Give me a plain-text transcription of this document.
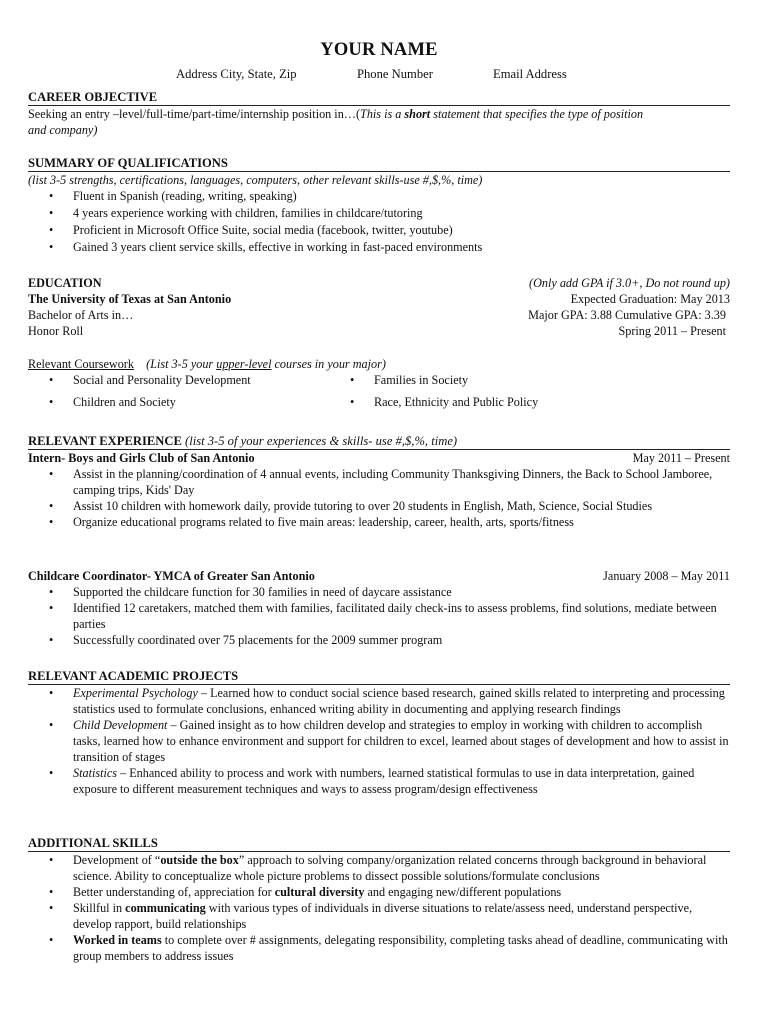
YOUR NAME
Address City, State, Zip	Phone Number	Email Address
CAREER OBJECTIVE

Seeking an entry –level/full-time/part-time/internship position in…(This is a short statement that specifies the type of position
and company)

SUMMARY OF QUALIFICATIONS

(list 3-5 strengths, certifications, languages, computers, other relevant skills-use #,$,%, time)

• Fluent in Spanish (reading, writing, speaking)
• 4 years experience working with children, families in childcare/tutoring
• Proficient in Microsoft Office Suite, social media (facebook, twitter, youtube)
• Gained 3 years client service skills, effective in working in fast-paced environments
EDUCATION	(Only add GPA if 3.0+, Do not round up)
The University of Texas at San Antonio	Expected Graduation: May 2013
Bachelor of Arts in…	Major GPA: 3.88 Cumulative GPA: 3.39
Honor Roll	Spring 2011 – Present

Relevant Coursework (List 3-5 your upper-level courses in your major)

• Social and Personality Development
• Children and Society
• Families in Society
• Race, Ethnicity and Public Policy
RELEVANT EXPERIENCE (list 3-5 of your experiences & skills- use #,$,%, time)
Intern- Boys and Girls Club of San Antonio	May 2011 – Present
• Assist in the planning/coordination of 4 annual events, including Community Thanksgiving Dinners, the Back to School Jamboree, camping trips, Kids' Day
• Assist 10 children with homework daily, provide tutoring to over 20 students in English, Math, Science, Social Studies
• Organize educational programs related to five main areas: leadership, career, health, arts, sports/fitness
Childcare Coordinator- YMCA of Greater San Antonio	January 2008 – May 2011
• Supported the childcare function for 30 families in need of daycare assistance
• Identified 12 caretakers, matched them with families, facilitated daily check-ins to assess problems, find solutions, mediate between parties
• Successfully coordinated over 75 placements for the 2009 summer program
RELEVANT ACADEMIC PROJECTS
• Experimental Psychology – Learned how to conduct social science based research, gained skills related to interpreting and processing statistics used to formulate conclusions, enhanced writing ability in documenting and applying research findings
• Child Development – Gained insight as to how children develop and strategies to employ in working with children to accomplish tasks, learned how to enhance environment and support for children to excel, learned about stages of development and how to assist in transition of stages
• Statistics – Enhanced ability to process and work with numbers, learned statistical formulas to use in data interpretation, gained exposure to different measurement techniques and ways to assess program/design effectiveness
ADDITIONAL SKILLS
• Development of “outside the box” approach to solving company/organization related concerns through background in behavioral science. Ability to conceptualize whole picture problems to dissect possible solutions/formulate conclusions
• Better understanding of, appreciation for cultural diversity and engaging new/different populations
• Skillful in communicating with various types of individuals in diverse situations to relate/assess need, understand perspective, develop rapport, build relationships
• Worked in teams to complete over # assignments, delegating responsibility, completing tasks ahead of deadline, communicating with group members to address issues
